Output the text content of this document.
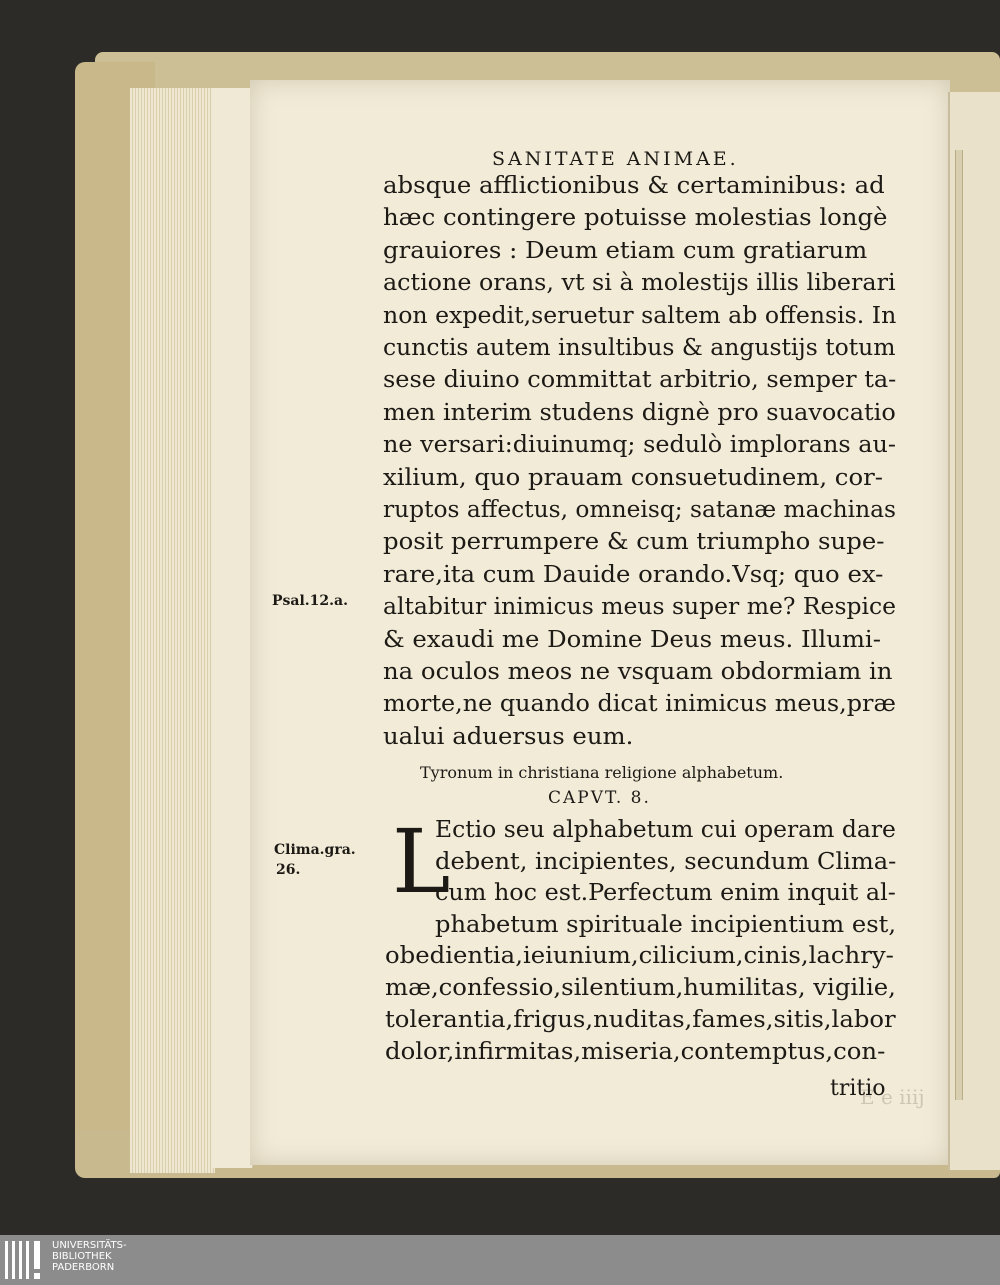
E e iiij
SANITATE ANIMAE.
absque afflictionibus & certaminibus: ad
hæc contingere potuisse molestias longè
grauiores : Deum etiam cum gratiarum
actione orans, vt si à molestijs illis liberari
non expedit,seruetur saltem ab offensis. In
cunctis autem insultibus & angustijs totum
sese diuino committat arbitrio, semper ta-
men interim studens dignè pro suavocatio
ne versari:diuinumq; sedulò implorans au-
xilium, quo prauam consuetudinem, cor-
ruptos affectus, omneisq; satanæ machinas
posit perrumpere & cum triumpho supe-
rare,ita cum Dauide orando.Vsq; quo ex-
altabitur inimicus meus super me? Respice
& exaudi me Domine Deus meus. Illumi-
na oculos meos ne vsquam obdormiam in
morte,ne quando dicat inimicus meus,præ
ualui aduersus eum.
Psal.12.a.
Tyronum in christiana religione alphabetum.
CAPVT. 8.
Clima.gra.
26. L
Ectio seu alphabetum cui operam dare
debent, incipientes, secundum Clima-
cum hoc est.Perfectum enim inquit al-
phabetum spirituale incipientium est,
obedientia,ieiunium,cilicium,cinis,lachry-
mæ,confessio,silentium,humilitas, vigilie,
tolerantia,frigus,nuditas,fames,sitis,labor
dolor,infirmitas,miseria,contemptus,con-
tritio
UNIVERSITÄTS-
BIBLIOTHEK
PADERBORN
